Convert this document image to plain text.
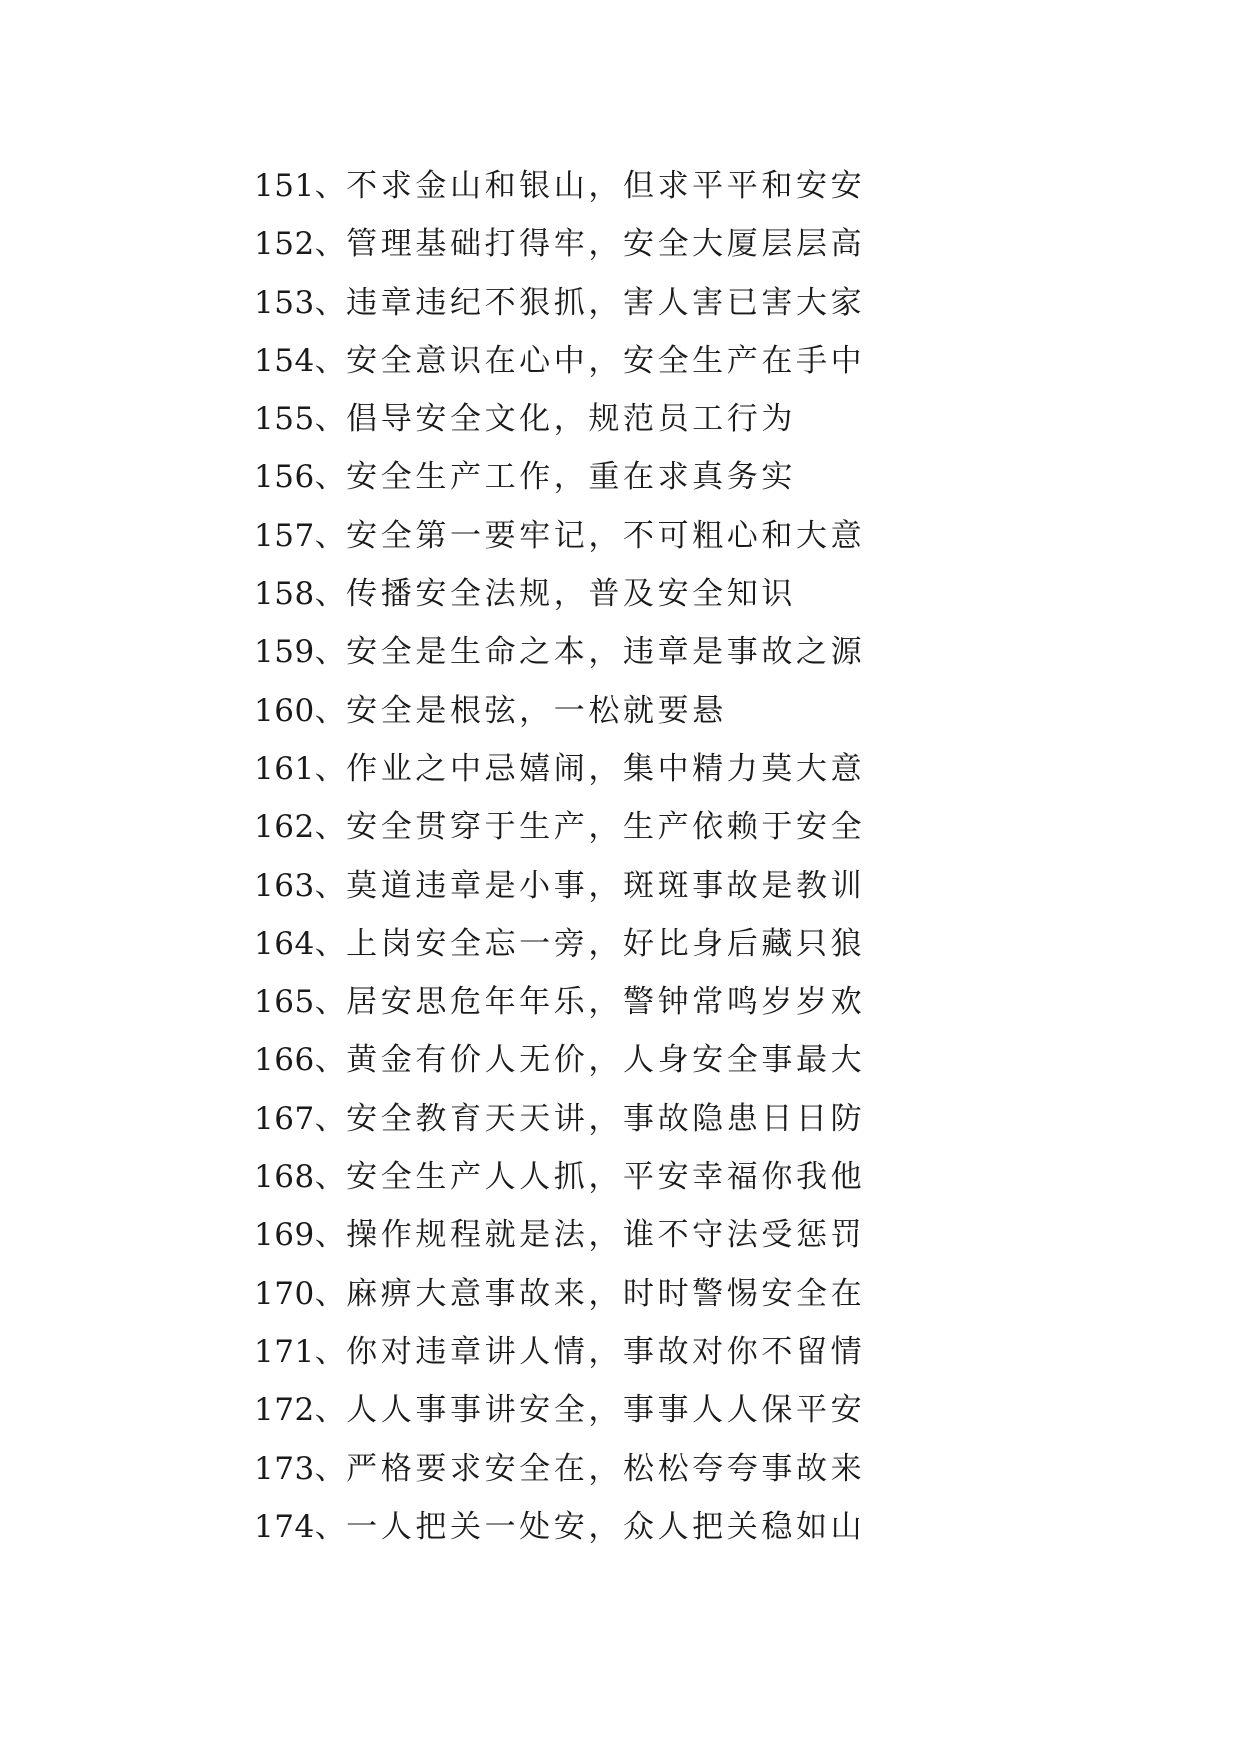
151、不求金山和银山，但求平平和安安
152、管理基础打得牢，安全大厦层层高
153、违章违纪不狠抓，害人害已害大家
154、安全意识在心中，安全生产在手中
155、倡导安全文化，规范员工行为
156、安全生产工作，重在求真务实
157、安全第一要牢记，不可粗心和大意
158、传播安全法规，普及安全知识
159、安全是生命之本，违章是事故之源
160、安全是根弦，一松就要悬
161、作业之中忌嬉闹，集中精力莫大意
162、安全贯穿于生产，生产依赖于安全
163、莫道违章是小事，斑斑事故是教训
164、上岗安全忘一旁，好比身后藏只狼
165、居安思危年年乐，警钟常鸣岁岁欢
166、黄金有价人无价，人身安全事最大
167、安全教育天天讲，事故隐患日日防
168、安全生产人人抓，平安幸福你我他
169、操作规程就是法，谁不守法受惩罚
170、麻痹大意事故来，时时警惕安全在
171、你对违章讲人情，事故对你不留情
172、人人事事讲安全，事事人人保平安
173、严格要求安全在，松松夸夸事故来
174、一人把关一处安，众人把关稳如山
